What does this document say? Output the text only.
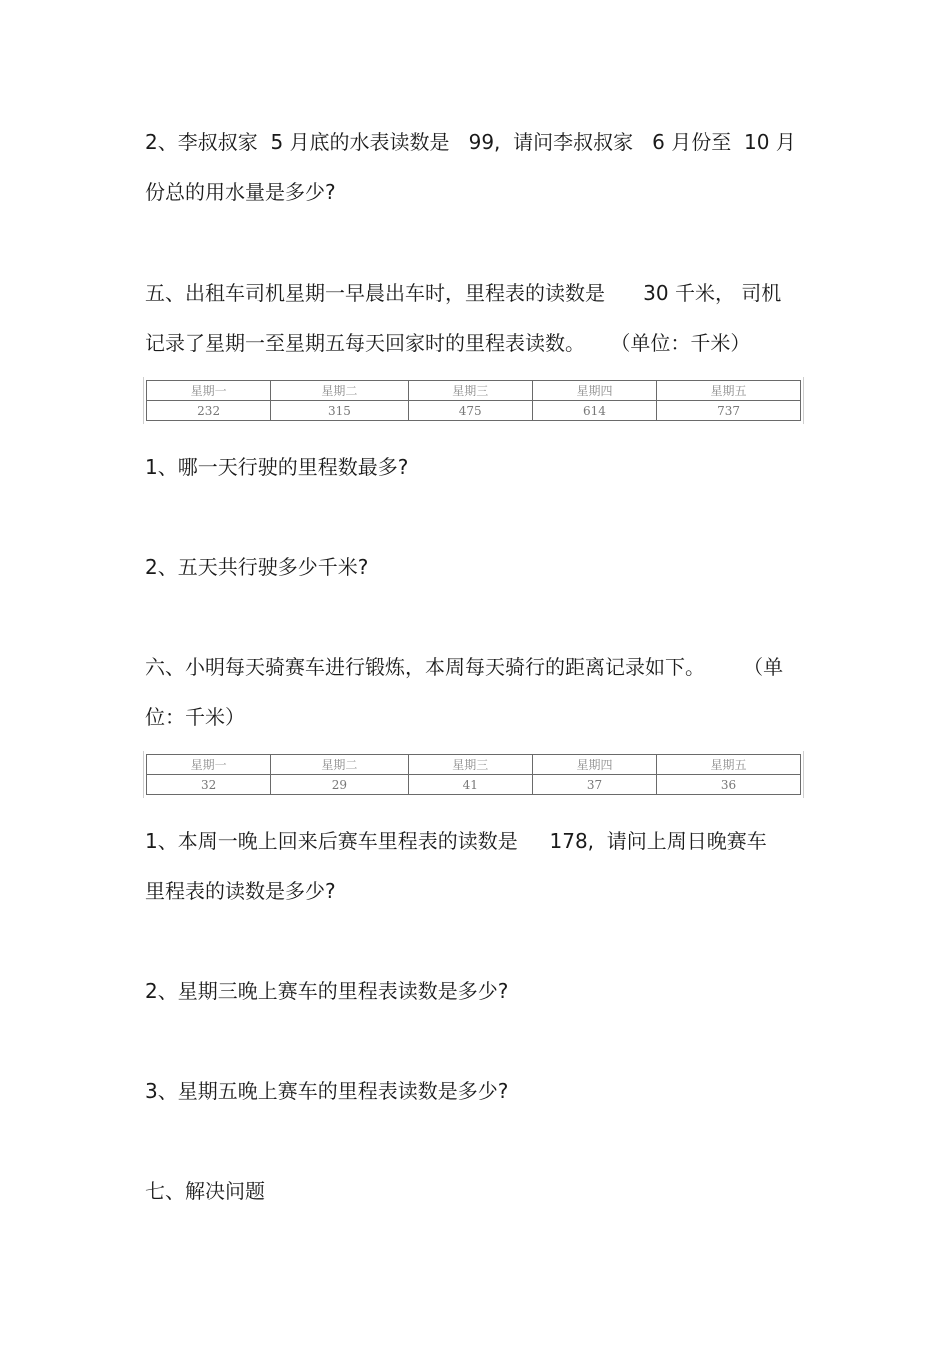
2、李叔叔家  5 月底的水表读数是   99,  请问李叔叔家   6 月份至  10 月
份总的用水量是多少?
五、出租车司机星期一早晨出车时，里程表的读数是      30 千米， 司机
记录了星期一至星期五每天回家时的里程表读数。    （单位：千米）
星期一	星期二	星期三	星期四	星期五
232	315	475	614	737
1、哪一天行驶的里程数最多?
2、五天共行驶多少千米?
六、小明每天骑赛车进行锻炼，本周每天骑行的距离记录如下。      （单
位：千米）
星期一	星期二	星期三	星期四	星期五
32	29	41	37	36
1、本周一晚上回来后赛车里程表的读数是     178,  请问上周日晚赛车
里程表的读数是多少?
2、星期三晚上赛车的里程表读数是多少?
3、星期五晚上赛车的里程表读数是多少?
七、解决问题
